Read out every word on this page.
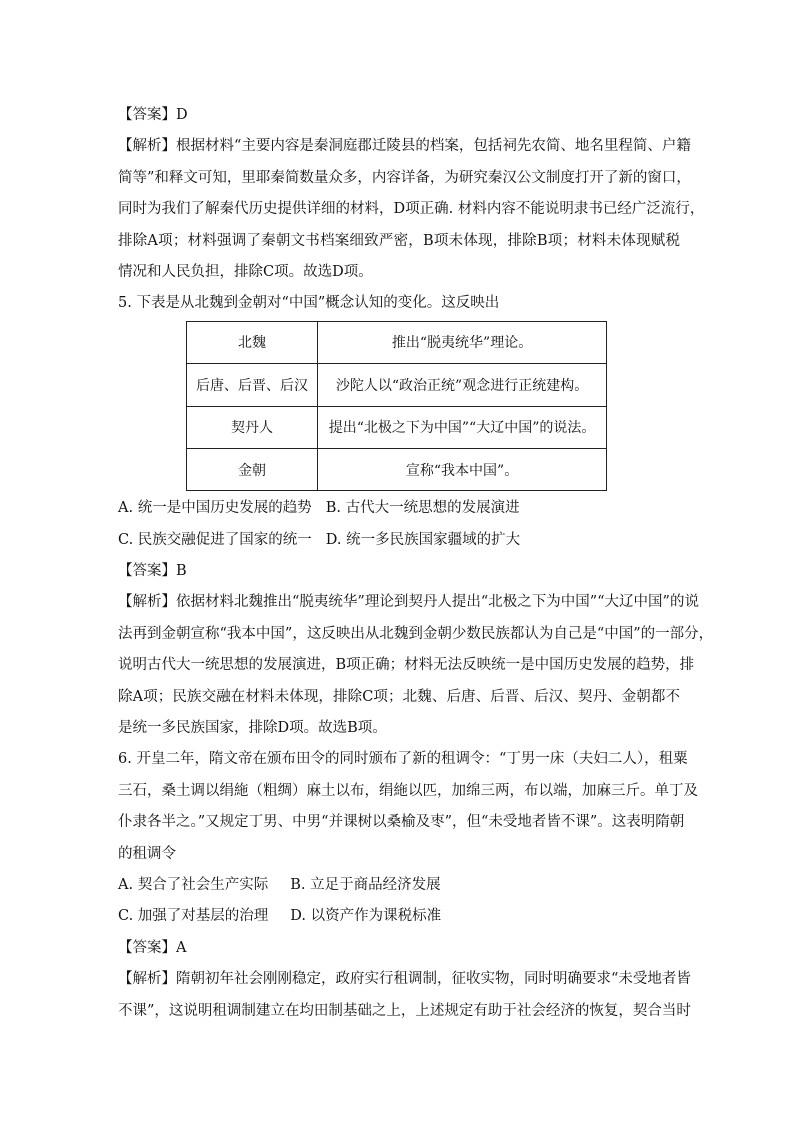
【答案】D
【解析】根据材料“主要内容是秦洞庭郡迁陵县的档案，包括祠先农简、地名里程简、户籍
简等”和释文可知，里耶秦简数量众多，内容详备，为研究秦汉公文制度打开了新的窗口，
同时为我们了解秦代历史提供详细的材料，D项正确. 材料内容不能说明隶书已经广泛流行，
排除A项；材料强调了秦朝文书档案细致严密，B项未体现，排除B项；材料未体现赋税
情况和人民负担，排除C项。故选D项。
5. 下表是从北魏到金朝对“中国”概念认知的变化。这反映出
北魏	推出“脱夷统华”理论。
后唐、后晋、后汉	沙陀人以“政治正统”观念进行正统建构。
契丹人	提出“北极之下为中国”“大辽中国”的说法。
金朝	宣称“我本中国”。
A. 统一是中国历史发展的趋势 B. 古代大一统思想的发展演进
C. 民族交融促进了国家的统一 D. 统一多民族国家疆域的扩大
【答案】B
【解析】依据材料北魏推出“脱夷统华”理论到契丹人提出“北极之下为中国”“大辽中国”的说
法再到金朝宣称“我本中国”，这反映出从北魏到金朝少数民族都认为自己是“中国”的一部分，
说明古代大一统思想的发展演进，B项正确；材料无法反映统一是中国历史发展的趋势，排
除A项；民族交融在材料未体现，排除C项；北魏、后唐、后晋、后汉、契丹、金朝都不
是统一多民族国家，排除D项。故选B项。
6. 开皇二年，隋文帝在颁布田令的同时颁布了新的租调令：“丁男一床（夫妇二人），租粟
三石，桑土调以绢絁（粗绸）麻土以布，绢絁以匹，加绵三两，布以端，加麻三斤。单丁及
仆隶各半之。”又规定丁男、中男“并课树以桑榆及枣”，但“未受地者皆不课”。这表明隋朝
的租调令
A. 契合了社会生产实际 B. 立足于商品经济发展
C. 加强了对基层的治理 D. 以资产作为课税标准
【答案】A
【解析】隋朝初年社会刚刚稳定，政府实行租调制，征收实物，同时明确要求“未受地者皆
不课”，这说明租调制建立在均田制基础之上，上述规定有助于社会经济的恢复，契合当时
